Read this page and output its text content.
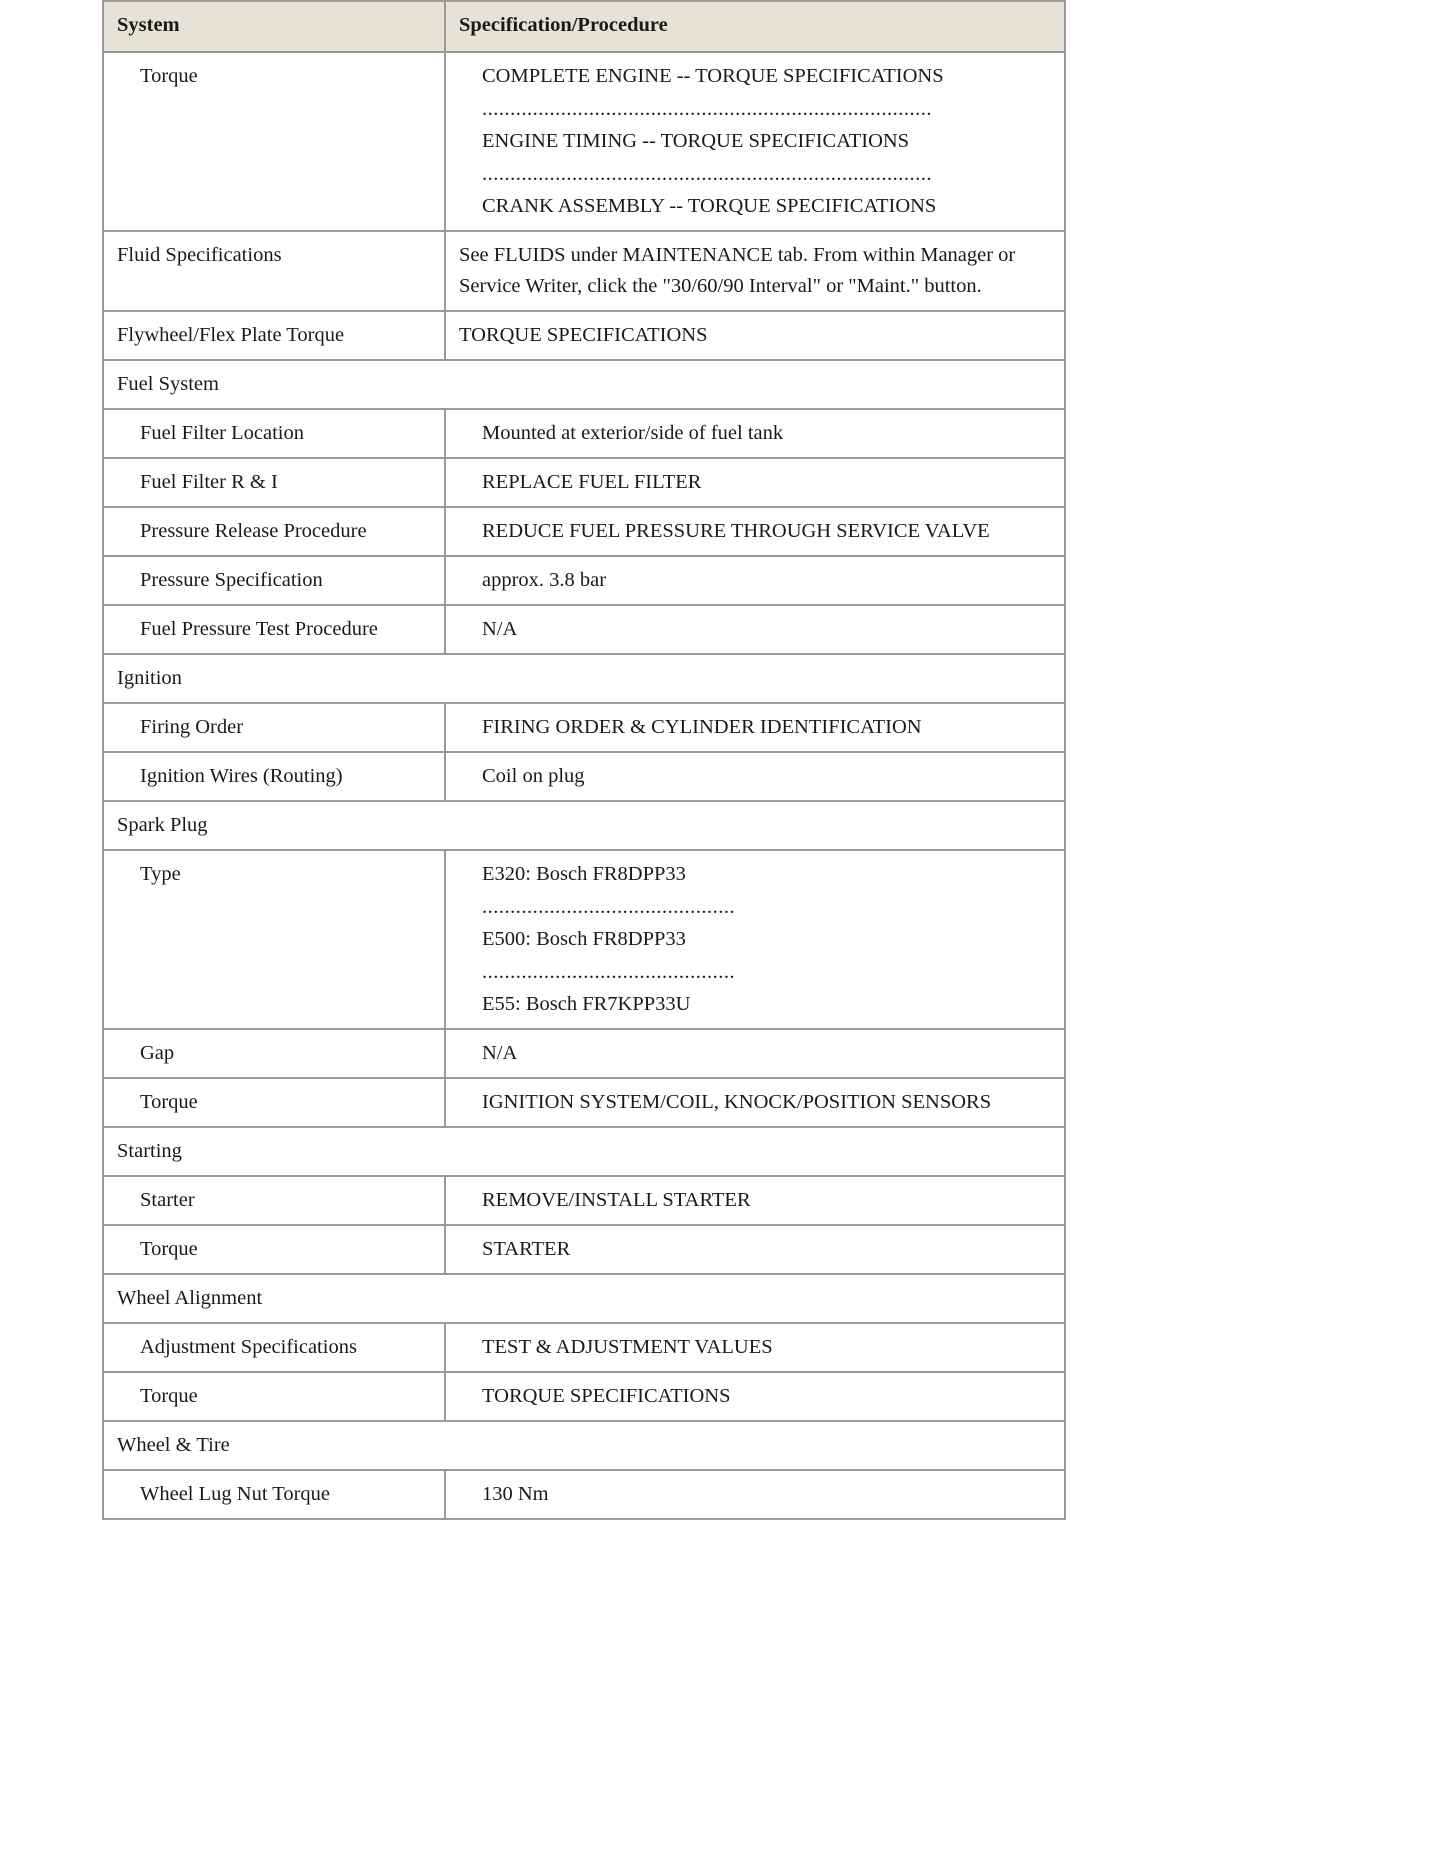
System	Specification/Procedure
Torque	COMPLETE ENGINE -- TORQUE SPECIFICATIONS
................................................................................
ENGINE TIMING -- TORQUE SPECIFICATIONS
................................................................................
CRANK ASSEMBLY -- TORQUE SPECIFICATIONS

Fluid Specifications	See FLUIDS under MAINTENANCE tab. From within Manager or Service Writer, click the "30/60/90 Interval" or "Maint." button.

Flywheel/Flex Plate Torque	TORQUE SPECIFICATIONS

Fuel System	
Fuel Filter Location	Mounted at exterior/side of fuel tank

Fuel Filter R & I	REPLACE FUEL FILTER

Pressure Release Procedure	REDUCE FUEL PRESSURE THROUGH SERVICE VALVE

Pressure Specification	approx. 3.8 bar

Fuel Pressure Test Procedure	N/A

Ignition	
Firing Order	FIRING ORDER & CYLINDER IDENTIFICATION

Ignition Wires (Routing)	Coil on plug

Spark Plug	
Type	E320: Bosch FR8DPP33
.............................................
E500: Bosch FR8DPP33
.............................................
E55: Bosch FR7KPP33U

Gap	N/A

Torque	IGNITION SYSTEM/COIL, KNOCK/POSITION SENSORS

Starting	
Starter	REMOVE/INSTALL STARTER

Torque	STARTER

Wheel Alignment	
Adjustment Specifications	TEST & ADJUSTMENT VALUES

Torque	TORQUE SPECIFICATIONS

Wheel & Tire	
Wheel Lug Nut Torque	130 Nm
